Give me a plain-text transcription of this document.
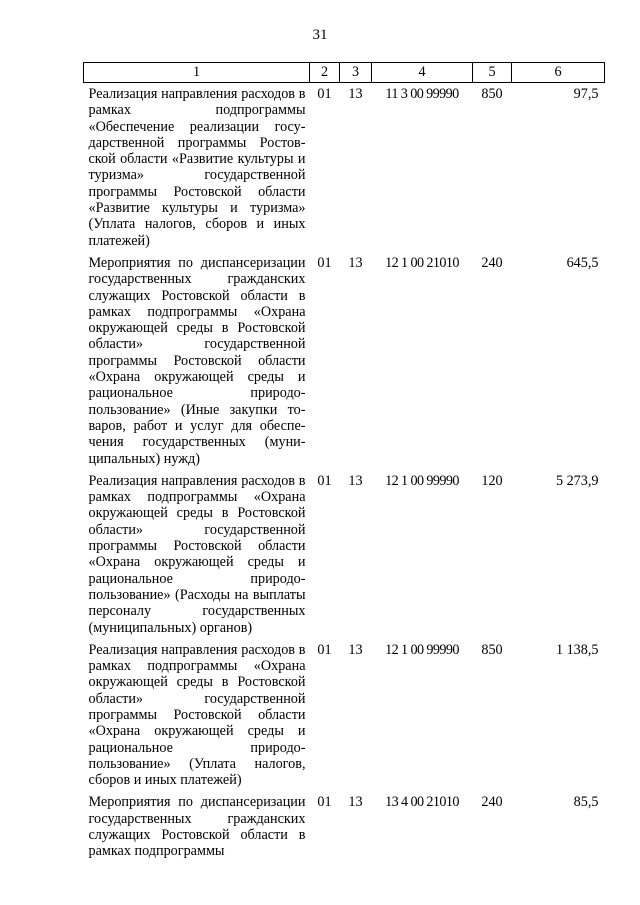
31
1	2	3	4	5	6
Реализация направления расходов в рамках подпрограммы «Обеспечение реализации государственной программы Ростовской области «Развитие культуры и туризма» государственной программы Ростовской области «Развитие культуры и туризма» (Уплата налогов, сборов и иных платежей)	01	13	11 3 00 99990	850	97,5
Мероприятия по диспансеризaции государственных гражданских служащих Ростовской области в рамках подпрограммы «Охрана окружающей среды в Ростовской области» государственной программы Ростовской области «Охрана окружающей среды и рациональное природопользование» (Иные закупки товаров, работ и услуг для обеспечения государственных (муниципальных) нужд)	01	13	12 1 00 21010	240	645,5
Реализация направления расходов в рамках подпрограммы «Охрана окружающей среды в Ростовской области» государственной программы Ростовской области «Охрана окружающей среды и рациональное природопользование» (Расходы на выплаты персоналу государственных (муниципальных) органов)	01	13	12 1 00 99990	120	5 273,9
Реализация направления расходов в рамках подпрограммы «Охрана окружающей среды в Ростовской области» государственной программы Ростовской области «Охрана окружающей среды и рациональное природопользование» (Уплата налогов, сборов и иных платежей)	01	13	12 1 00 99990	850	1 138,5
Мероприятия по диспансеризации государственных гражданских служащих Ростовской области в рамках подпрограммы	01	13	13 4 00 21010	240	85,5
